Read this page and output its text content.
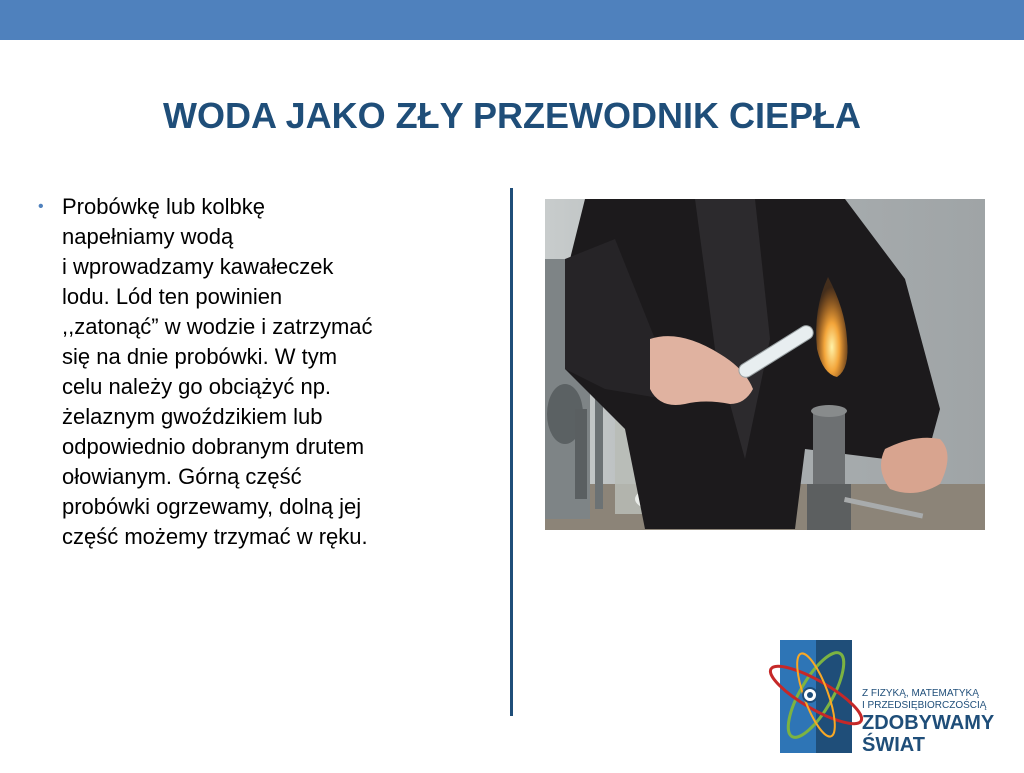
WODA JAKO ZŁY PRZEWODNIK CIEPŁA
• Probówkę lub kolbkę
napełniamy wodą
i wprowadzamy kawałeczek
lodu. Lód ten powinien
,,zatonąć” w wodzie i zatrzymać
się na dnie probówki. W tym
celu należy go obciążyć np.
żelaznym gwoździkiem lub
odpowiednio dobranym drutem
ołowianym. Górną część
probówki ogrzewamy, dolną jej
część możemy trzymać w ręku.
Z FIZYKĄ, MATEMATYKĄ
I PRZEDSIĘBIORCZOŚCIĄ
ZDOBYWAMY
ŚWIAT
